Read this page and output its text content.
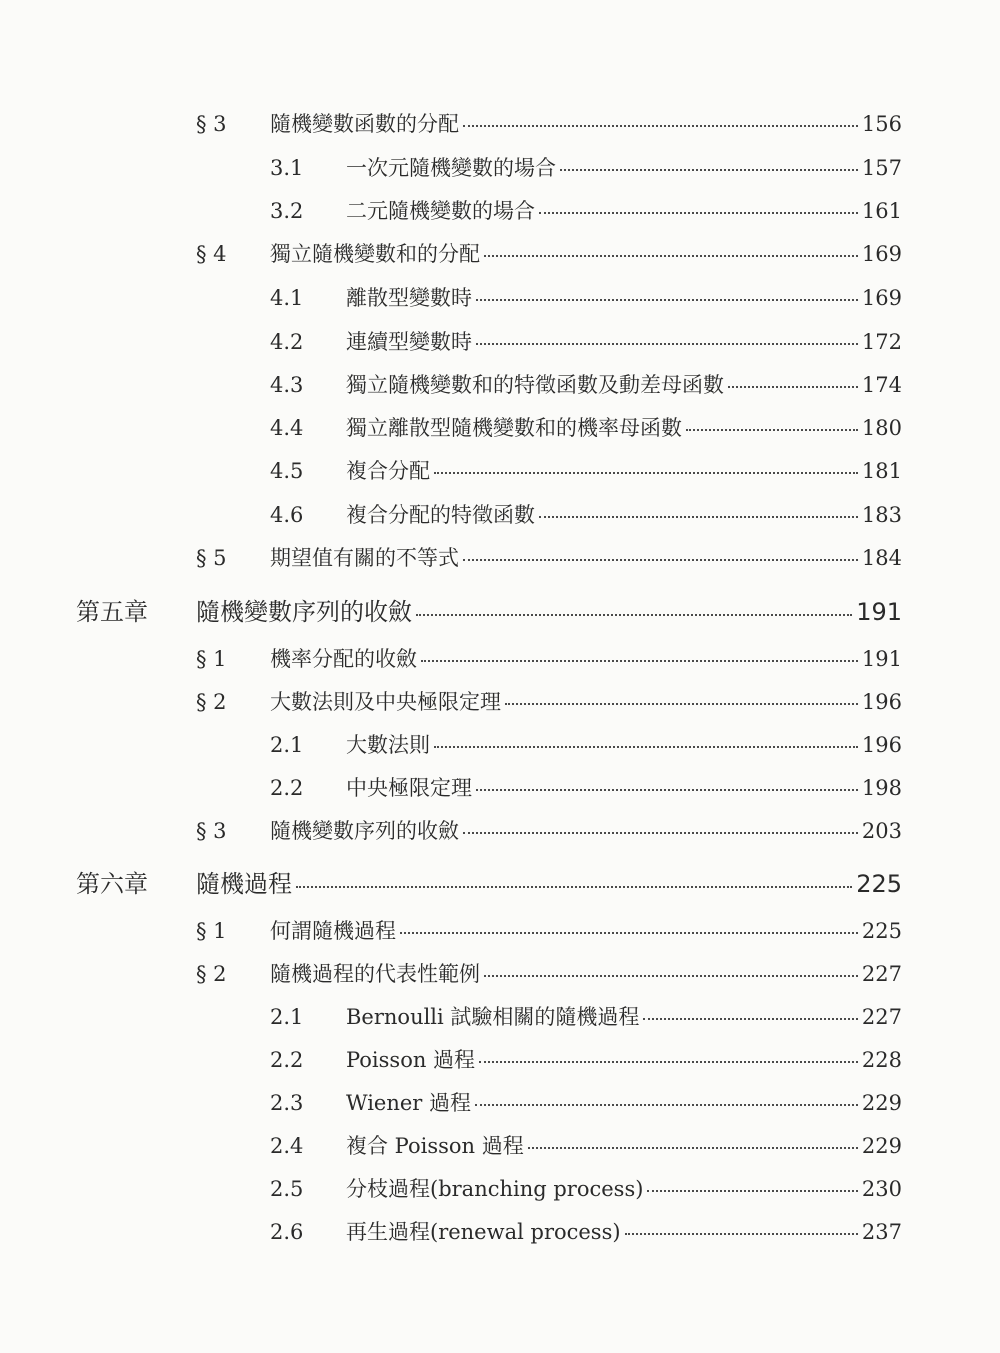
§ 3	隨機變數函數的分配	156
3.1	一次元隨機變數的場合	157
3.2	二元隨機變數的場合	161
§ 4	獨立隨機變數和的分配	169
4.1	離散型變數時	169
4.2	連續型變數時	172
4.3	獨立隨機變數和的特徵函數及動差母函數	174
4.4	獨立離散型隨機變數和的機率母函數	180
4.5	複合分配	181
4.6	複合分配的特徵函數	183
§ 5	期望值有關的不等式	184
第五章	隨機變數序列的收斂	191
§ 1	機率分配的收斂	191
§ 2	大數法則及中央極限定理	196
2.1	大數法則	196
2.2	中央極限定理	198
§ 3	隨機變數序列的收斂	203
第六章	隨機過程	225
§ 1	何謂隨機過程	225
§ 2	隨機過程的代表性範例	227
2.1	Bernoulli 試驗相關的隨機過程	227
2.2	Poisson 過程	228
2.3	Wiener 過程	229
2.4	複合 Poisson 過程	229
2.5	分枝過程(branching process)	230
2.6	再生過程(renewal process)	237
